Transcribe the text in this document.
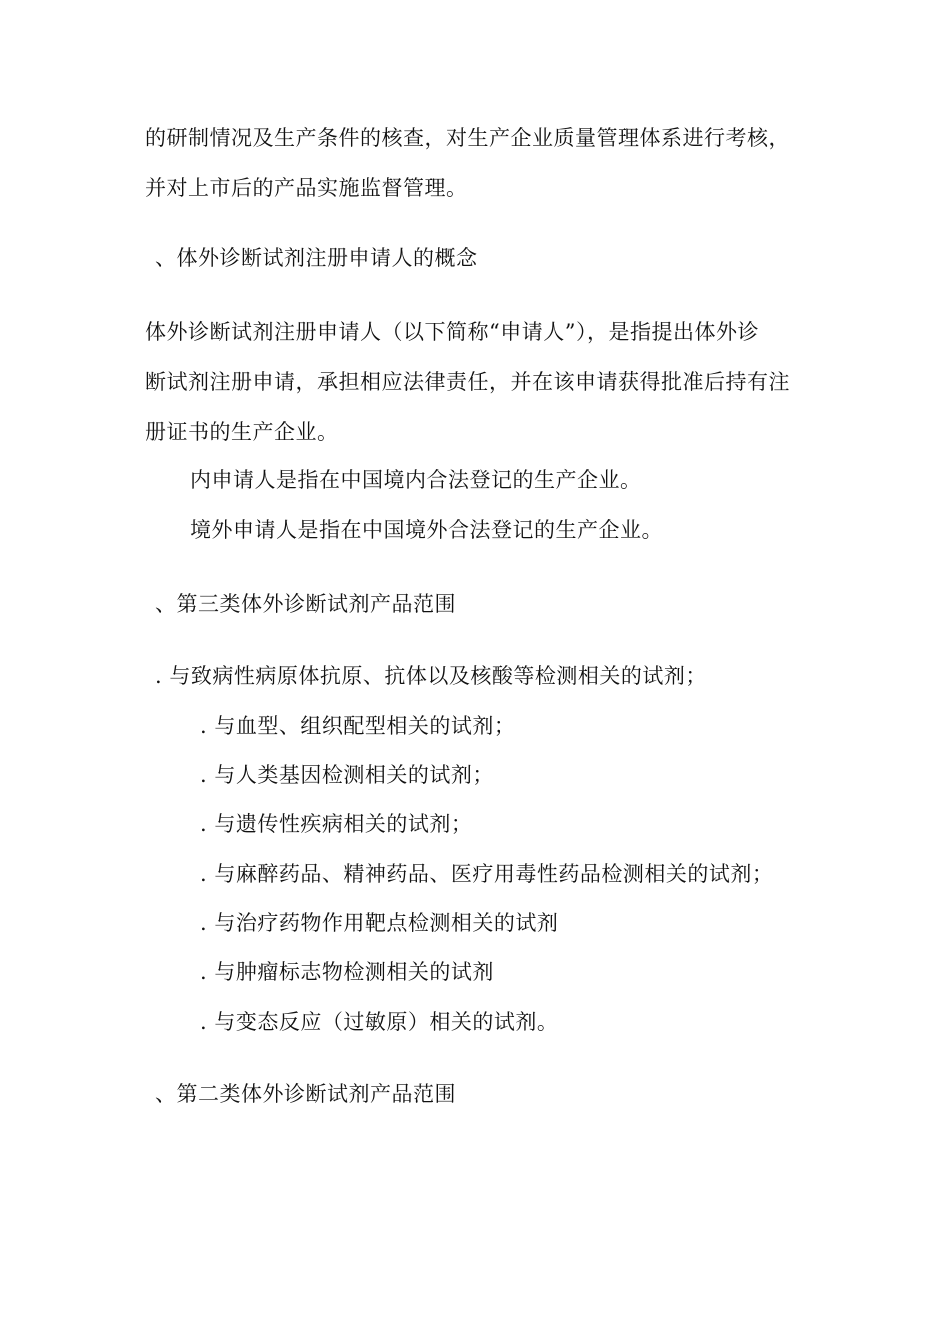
的研制情况及生产条件的核查，对生产企业质量管理体系进行考核，
并对上市后的产品实施监督管理。
、体外诊断试剂注册申请人的概念
体外诊断试剂注册申请人（以下简称“申请人”），是指提出体外诊
断试剂注册申请，承担相应法律责任，并在该申请获得批准后持有注
册证书的生产企业。
内申请人是指在中国境内合法登记的生产企业。
境外申请人是指在中国境外合法登记的生产企业。
、第三类体外诊断试剂产品范围
. 与致病性病原体抗原、抗体以及核酸等检测相关的试剂；
. 与血型、组织配型相关的试剂；
. 与人类基因检测相关的试剂；
. 与遗传性疾病相关的试剂；
. 与麻醉药品、精神药品、医疗用毒性药品检测相关的试剂；
. 与治疗药物作用靶点检测相关的试剂
. 与肿瘤标志物检测相关的试剂
. 与变态反应（过敏原）相关的试剂。
、第二类体外诊断试剂产品范围
